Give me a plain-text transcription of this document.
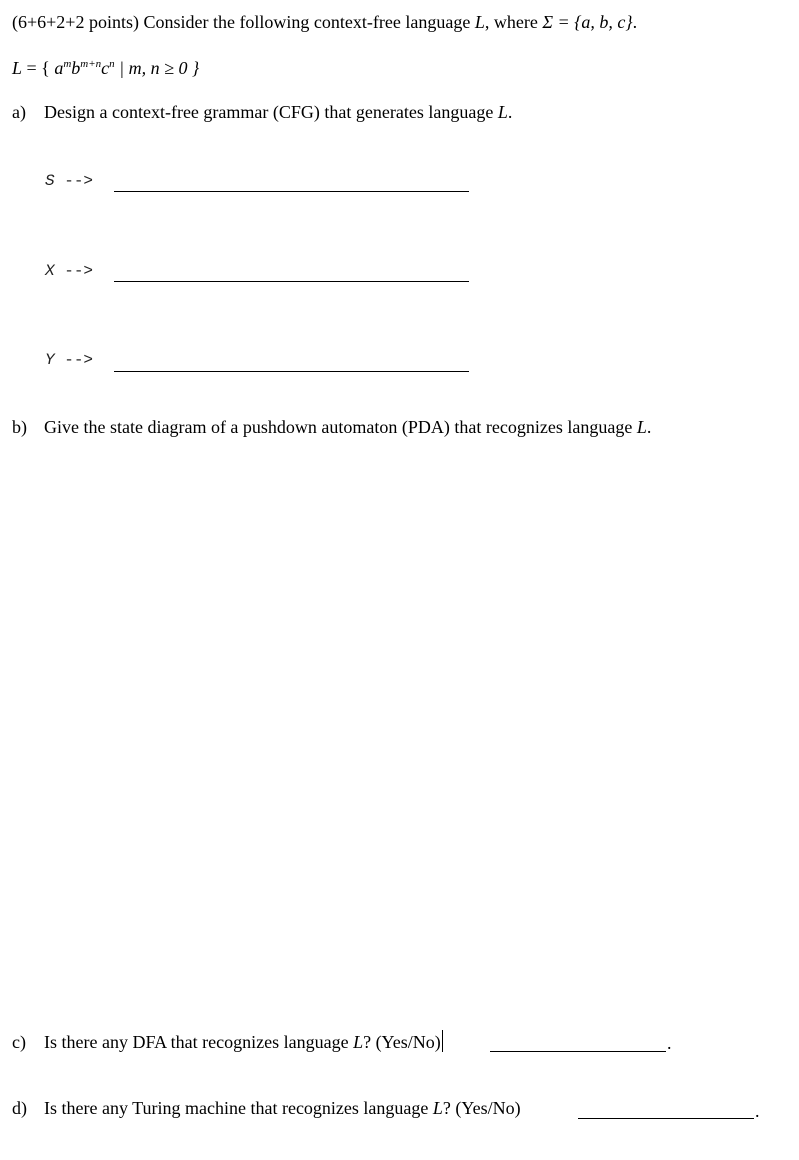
(6+6+2+2 points) Consider the following context-free language L, where Σ = {a, b, c}.
L = { $a^mb^{m+n}c^n$ | m, n ≥ 0 }
a) Design a context-free grammar (CFG) that generates language L.
S -->
X -->
Y -->
b) Give the state diagram of a pushdown automaton (PDA) that recognizes language L.
c) Is there any DFA that recognizes language L? (Yes/No)	.
d) Is there any Turing machine that recognizes language L? (Yes/No)	.
